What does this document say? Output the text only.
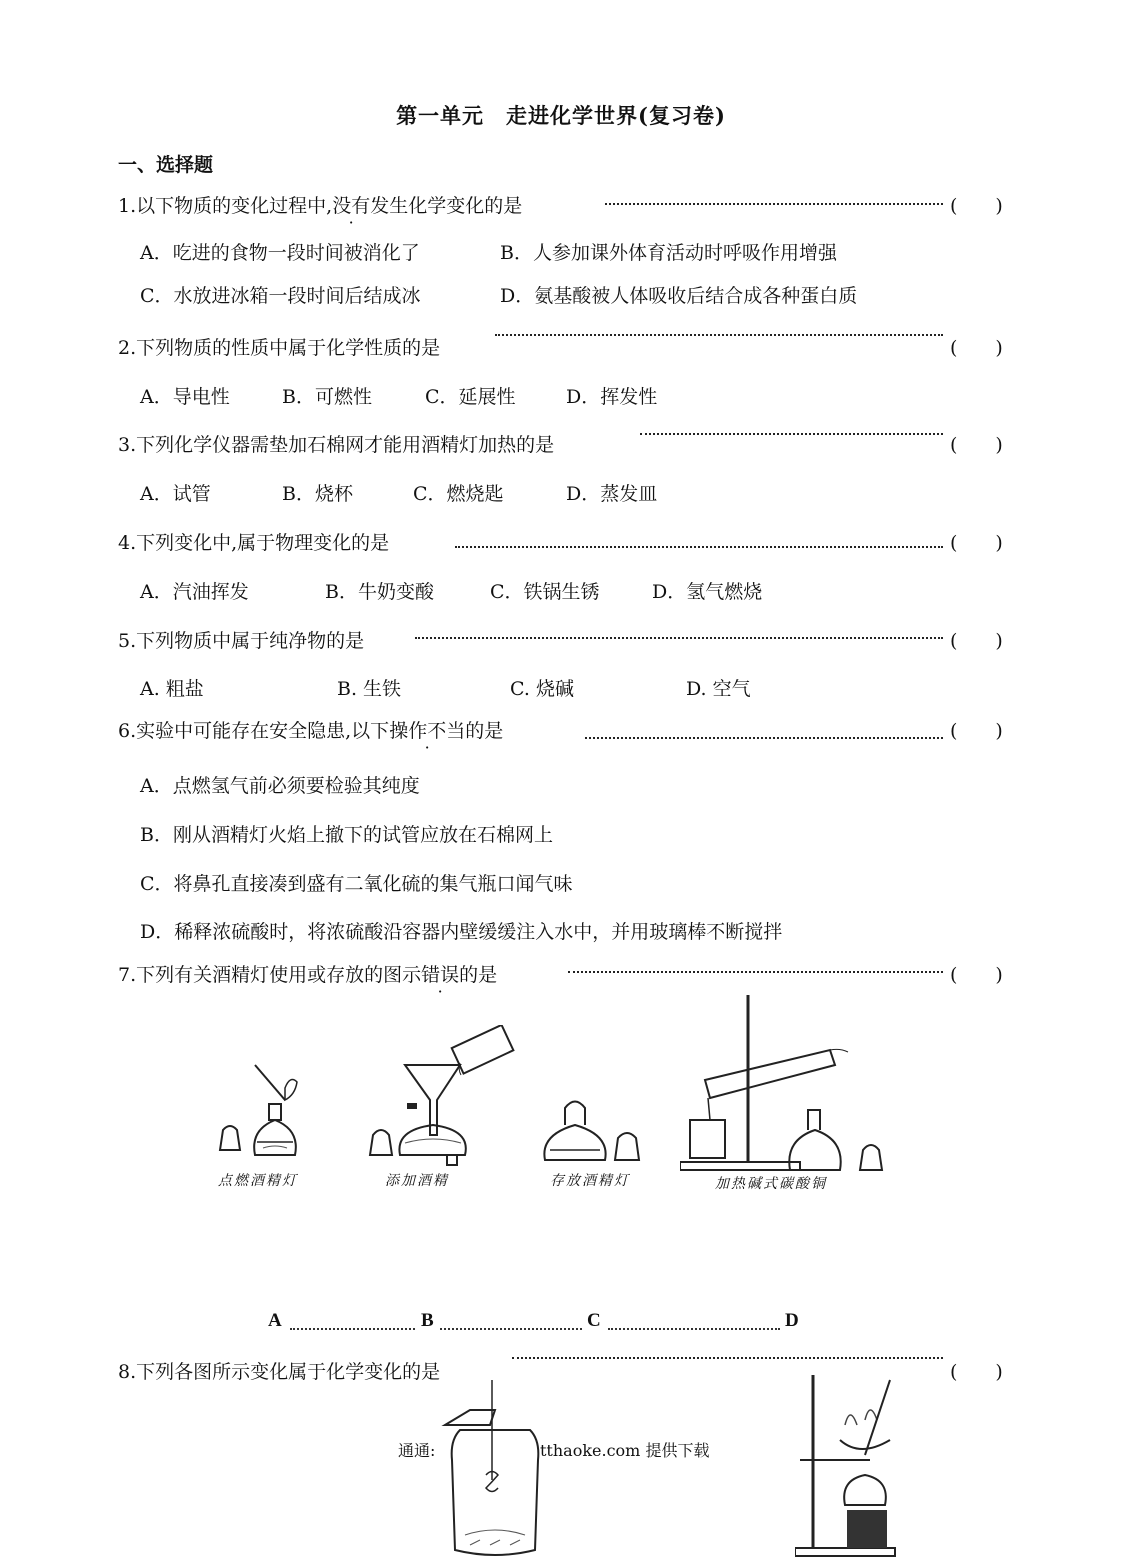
第一单元　走进化学世界(复习卷)
一、选择题
1.以下物质的变化过程中,没有发生化学变化的是	(　　)
A．吃进的食物一段时间被消化了	B．人参加课外体育活动时呼吸作用增强
C．水放进冰箱一段时间后结成冰	D．氨基酸被人体吸收后结合成各种蛋白质
2.下列物质的性质中属于化学性质的是	(　　)
A．导电性	B．可燃性	C．延展性	D．挥发性
3.下列化学仪器需垫加石棉网才能用酒精灯加热的是	(　　)
A．试管	B．烧杯	C．燃烧匙	D．蒸发皿
4.下列变化中,属于物理变化的是	(　　)
A．汽油挥发	B．牛奶变酸	C．铁锅生锈	D．氢气燃烧
5.下列物质中属于纯净物的是	(　　)
A. 粗盐	B. 生铁	C. 烧碱	D. 空气
6.实验中可能存在安全隐患,以下操作不当的是	(　　)
A．点燃氢气前必须要检验其纯度
B．刚从酒精灯火焰上撤下的试管应放在石棉网上
C．将鼻孔直接凑到盛有二氧化硫的集气瓶口闻气味
D．稀释浓硫酸时，将浓硫酸沿容器内壁缓缓注入水中，并用玻璃棒不断搅拌
7.下列有关酒精灯使用或存放的图示错误的是	(　　)
点燃酒精灯	添加酒精	存放酒精灯	加热碱式碳酸铜
A	B	C	D
8.下列各图所示变化属于化学变化的是	(　　)
通通:	tthaoke.com 提供下载
